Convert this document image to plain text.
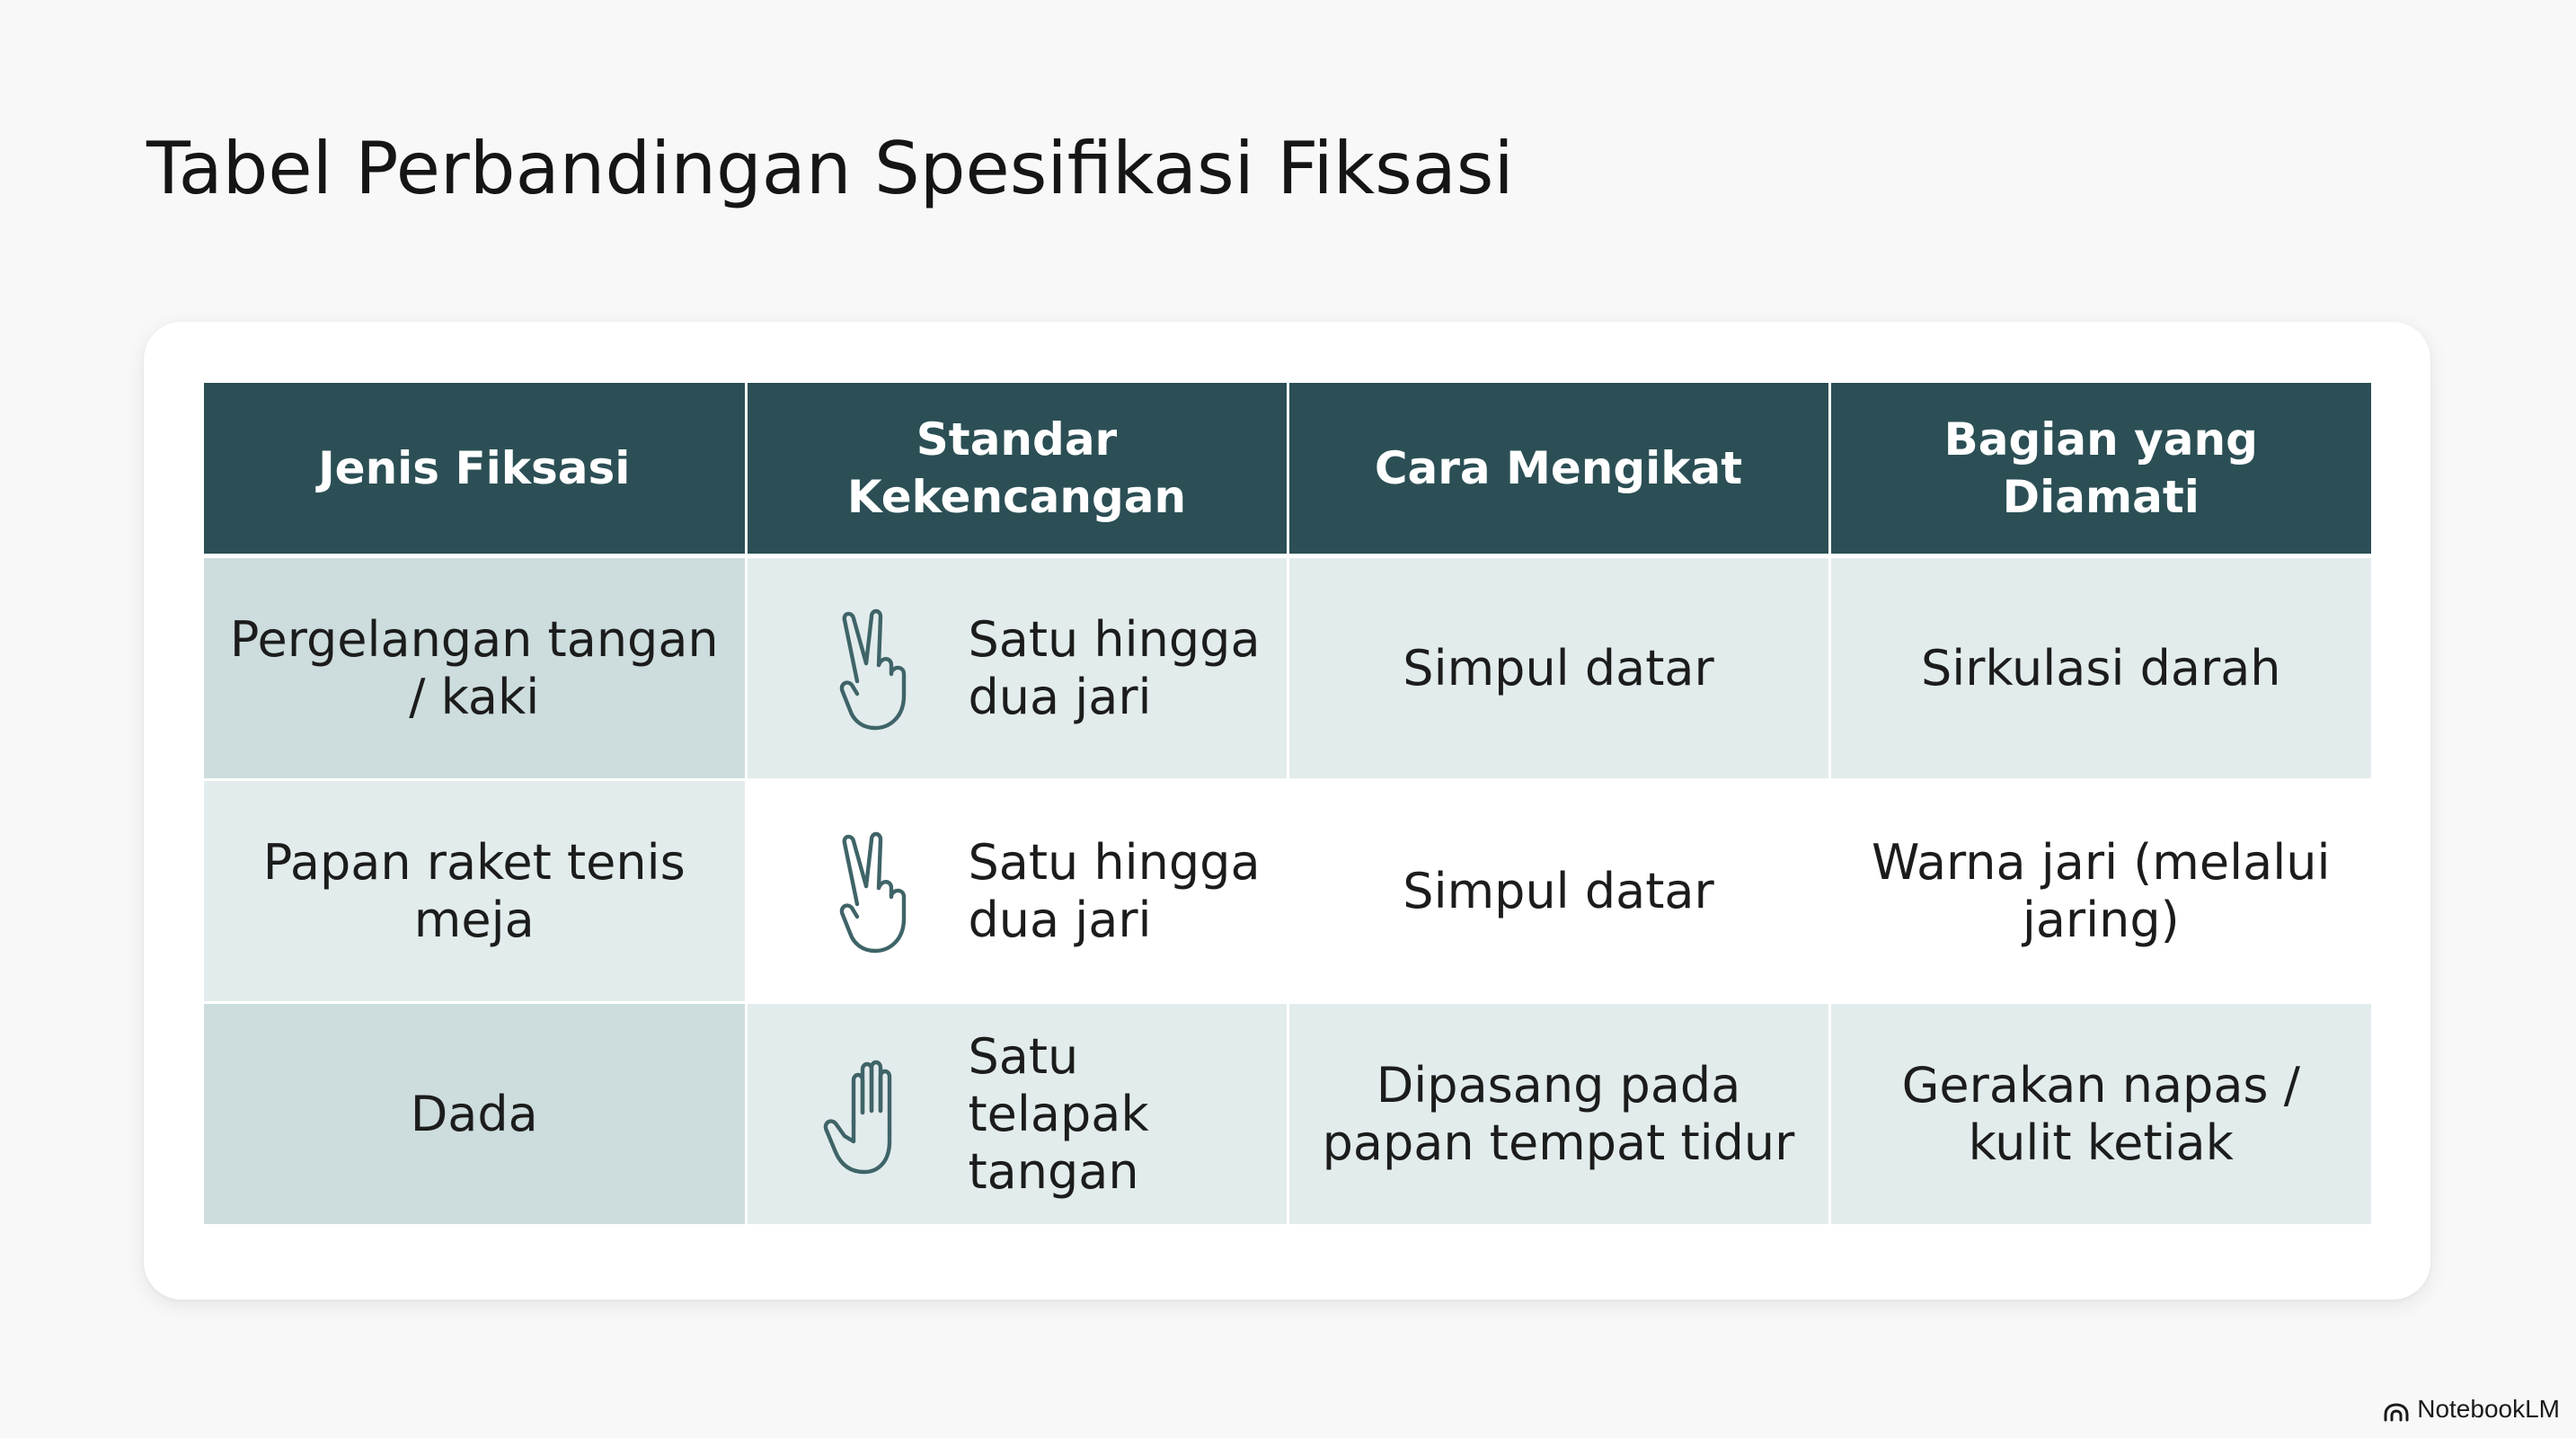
Tabel Perbandingan Spesifikasi Fiksasi
Jenis Fiksasi	Standar Kekencangan	Cara Mengikat	Bagian yang Diamati
Pergelangan tangan / kaki	Satu hingga dua jari	Simpul datar	Sirkulasi darah
Papan raket tenis meja	Satu hingga dua jari	Simpul datar	Warna jari (melalui jaring)
Dada	Satu telapak tangan	Dipasang pada papan tempat tidur	Gerakan napas / kulit ketiak
NotebookLM
